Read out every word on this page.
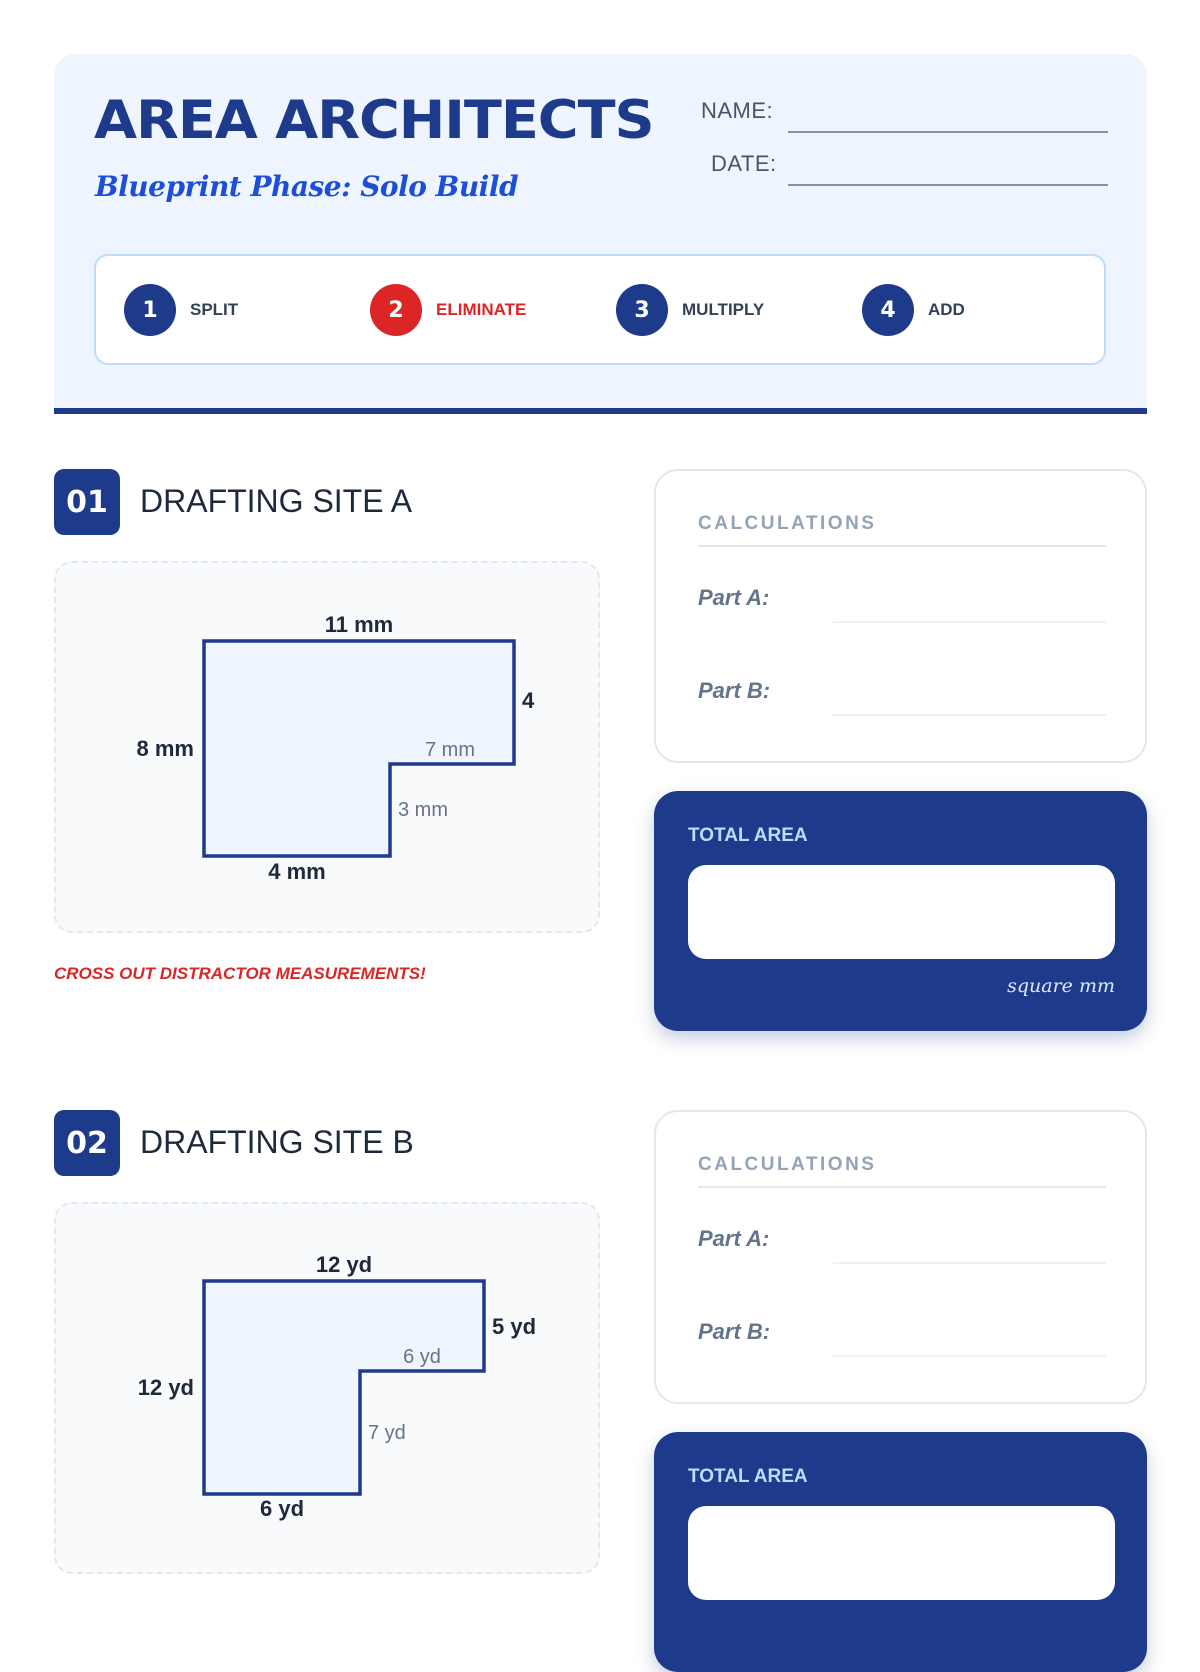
AREA ARCHITECTS
Blueprint Phase: Solo Build
NAME:
DATE:
1	SPLIT	2	ELIMINATE	3	MULTIPLY	4	ADD
01	DRAFTING SITE A
11 mm
4
8 mm	7 mm
3 mm
4 mm
CROSS OUT DISTRACTOR MEASUREMENTS!
CALCULATIONS
Part A:
Part B:
TOTAL AREA
square mm
02	DRAFTING SITE B
12 yd
5 yd
12 yd
6 yd
7 yd
6 yd
CALCULATIONS
Part A:
Part B:
TOTAL AREA
